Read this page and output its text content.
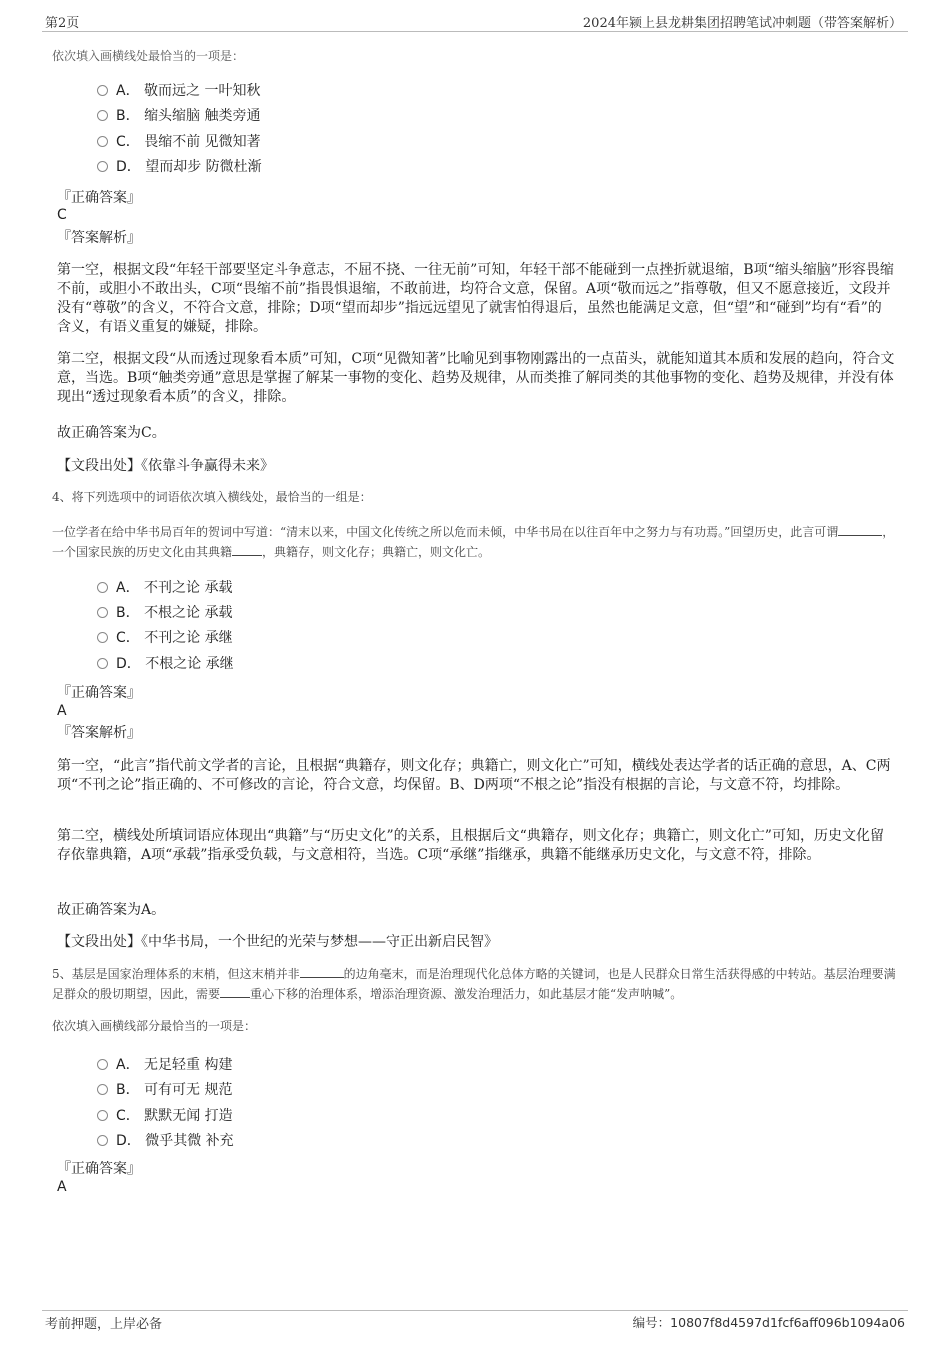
第2页	2024年颍上县龙耕集团招聘笔试冲刺题（带答案解析）
依次填入画横线处最恰当的一项是：
A． 敬而远之 一叶知秋
B． 缩头缩脑 触类旁通
C． 畏缩不前 见微知著
D． 望而却步 防微杜渐
『正确答案』
C
『答案解析』
第一空，根据文段“年轻干部要坚定斗争意志，不屈不挠、一往无前”可知，年轻干部不能碰到一点挫折就退缩，B项“缩头缩脑”形容畏缩不前，或胆小不敢出头，C项“畏缩不前”指畏惧退缩，不敢前进，均符合文意，保留。A项“敬而远之”指尊敬，但又不愿意接近，文段并没有“尊敬”的含义，不符合文意，排除；D项“望而却步”指远远望见了就害怕得退后，虽然也能满足文意，但“望”和“碰到”均有“看”的含义，有语义重复的嫌疑，排除。
第二空，根据文段“从而透过现象看本质”可知，C项“见微知著”比喻见到事物刚露出的一点苗头，就能知道其本质和发展的趋向，符合文意，当选。B项“触类旁通”意思是掌握了解某一事物的变化、趋势及规律，从而类推了解同类的其他事物的变化、趋势及规律，并没有体现出“透过现象看本质”的含义，排除。
故正确答案为C。
【文段出处】《依靠斗争赢得未来》
4、将下列选项中的词语依次填入横线处，最恰当的一组是：
一位学者在给中华书局百年的贺词中写道：“清末以来，中国文化传统之所以危而未倾，中华书局在以往百年中之努力与有功焉。”回望历史，此言可谓	，一个国家民族的历史文化由其典籍	，典籍存，则文化存；典籍亡，则文化亡。
A． 不刊之论 承载
B． 不根之论 承载
C． 不刊之论 承继
D． 不根之论 承继
『正确答案』
A
『答案解析』
第一空，“此言”指代前文学者的言论，且根据“典籍存，则文化存；典籍亡，则文化亡”可知，横线处表达学者的话正确的意思，A、C两项“不刊之论”指正确的、不可修改的言论，符合文意，均保留。B、D两项“不根之论”指没有根据的言论，与文意不符，均排除。
第二空，横线处所填词语应体现出“典籍”与“历史文化”的关系，且根据后文“典籍存，则文化存；典籍亡，则文化亡”可知，历史文化留存依靠典籍，A项“承载”指承受负载，与文意相符，当选。C项“承继”指继承，典籍不能继承历史文化，与文意不符，排除。
故正确答案为A。
【文段出处】《中华书局，一个世纪的光荣与梦想——守正出新启民智》
5、基层是国家治理体系的末梢，但这末梢并非	的边角毫末，而是治理现代化总体方略的关键词，也是人民群众日常生活获得感的中转站。基层治理要满足群众的殷切期望，因此，需要	重心下移的治理体系，增添治理资源、激发治理活力，如此基层才能“发声呐喊”。
依次填入画横线部分最恰当的一项是：
A． 无足轻重 构建
B． 可有可无 规范
C． 默默无闻 打造
D． 微乎其微 补充
『正确答案』
A
考前押题，上岸必备	编号：10807f8d4597d1fcf6aff096b1094a06
